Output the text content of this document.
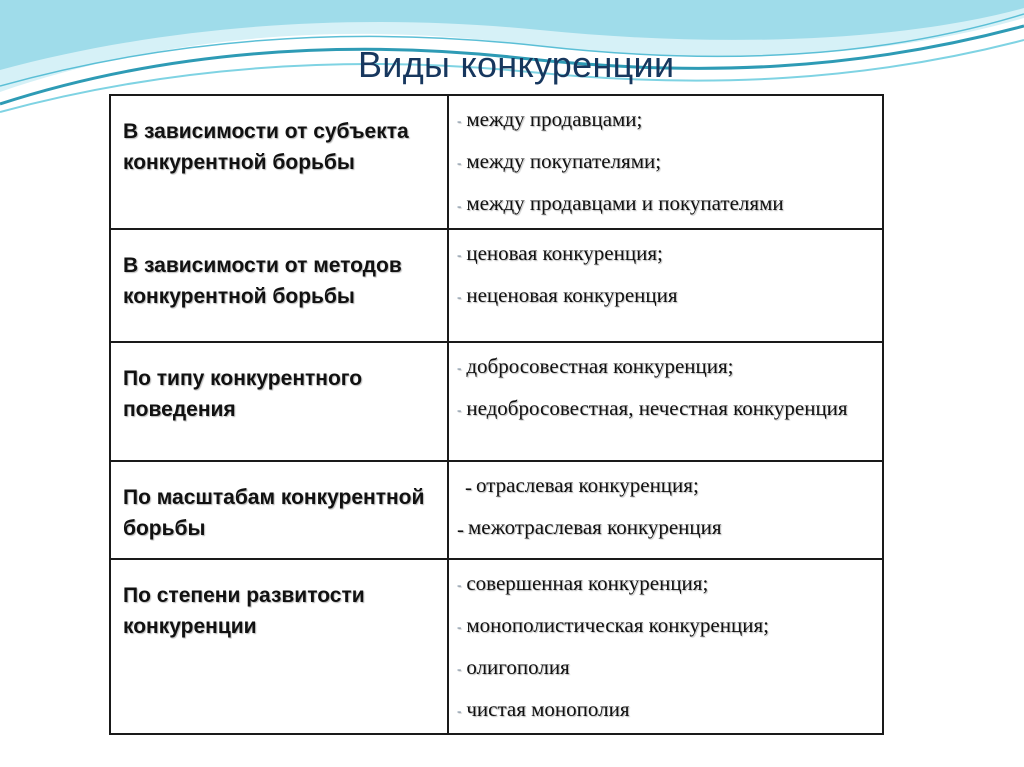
Виды конкуренции
В зависимости от субъекта конкурентной борьбы	- между продавцами;
- между покупателями;
- между продавцами и покупателями

В зависимости от методов конкурентной борьбы	- ценовая конкуренция;
- неценовая конкуренция

По типу конкурентного поведения	- добросовестная конкуренция;
- недобросовестная, нечестная конкуренция

По масштабам конкурентной борьбы	- отраслевая конкуренция;
- межотраслевая конкуренция

По степени развитости конкуренции	- совершенная конкуренция;
- монополистическая конкуренция;
- олигополия
- чистая монополия
